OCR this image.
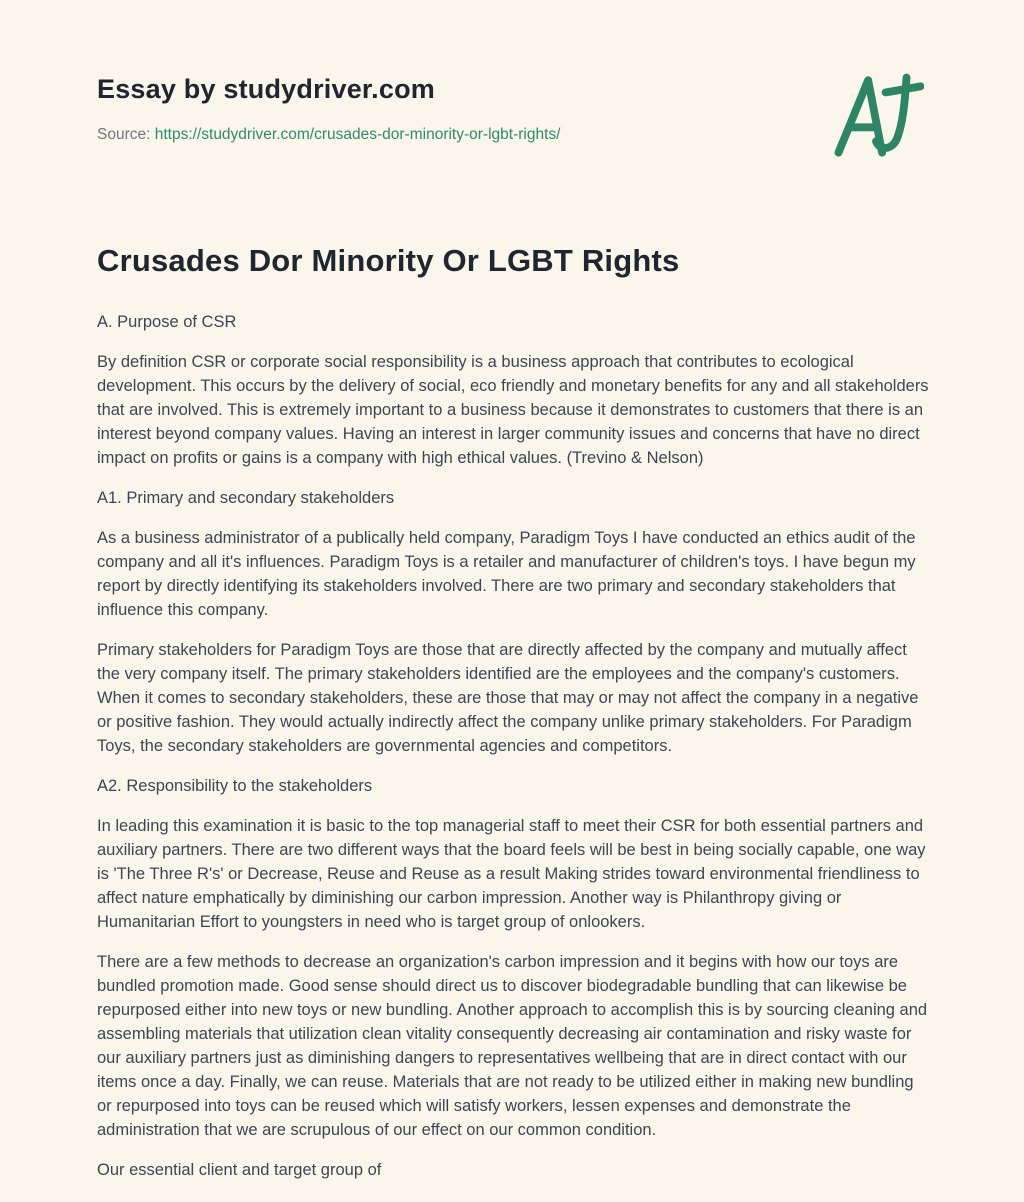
Essay by studydriver.com
Source: https://studydriver.com/crusades-dor-minority-or-lgbt-rights/
Crusades Dor Minority Or LGBT Rights

A. Purpose of CSR

By definition CSR or corporate social responsibility is a business approach that contributes to ecological development. This occurs by the delivery of social, eco friendly and monetary benefits for any and all stakeholders that are involved. This is extremely important to a business because it demonstrates to customers that there is an interest beyond company values. Having an interest in larger community issues and concerns that have no direct impact on profits or gains is a company with high ethical values. (Trevino & Nelson)

A1. Primary and secondary stakeholders

As a business administrator of a publically held company, Paradigm Toys I have conducted an ethics audit of the company and all it's influences. Paradigm Toys is a retailer and manufacturer of children's toys. I have begun my report by directly identifying its stakeholders involved. There are two primary and secondary stakeholders that influence this company.

Primary stakeholders for Paradigm Toys are those that are directly affected by the company and mutually affect the very company itself. The primary stakeholders identified are the employees and the company's customers. When it comes to secondary stakeholders, these are those that may or may not affect the company in a negative or positive fashion. They would actually indirectly affect the company unlike primary stakeholders. For Paradigm Toys, the secondary stakeholders are governmental agencies and competitors.

A2. Responsibility to the stakeholders

In leading this examination it is basic to the top managerial staff to meet their CSR for both essential partners and auxiliary partners. There are two different ways that the board feels will be best in being socially capable, one way is 'The Three R's' or Decrease, Reuse and Reuse as a result Making strides toward environmental friendliness to affect nature emphatically by diminishing our carbon impression. Another way is Philanthropy giving or Humanitarian Effort to youngsters in need who is target group of onlookers.

There are a few methods to decrease an organization's carbon impression and it begins with how our toys are bundled promotion made. Good sense should direct us to discover biodegradable bundling that can likewise be repurposed either into new toys or new bundling. Another approach to accomplish this is by sourcing cleaning and assembling materials that utilization clean vitality consequently decreasing air contamination and risky waste for our auxiliary partners just as diminishing dangers to representatives wellbeing that are in direct contact with our items once a day. Finally, we can reuse. Materials that are not ready to be utilized either in making new bundling or repurposed into toys can be reused which will satisfy workers, lessen expenses and demonstrate the administration that we are scrupulous of our effect on our common condition.

Our essential client and target group of
